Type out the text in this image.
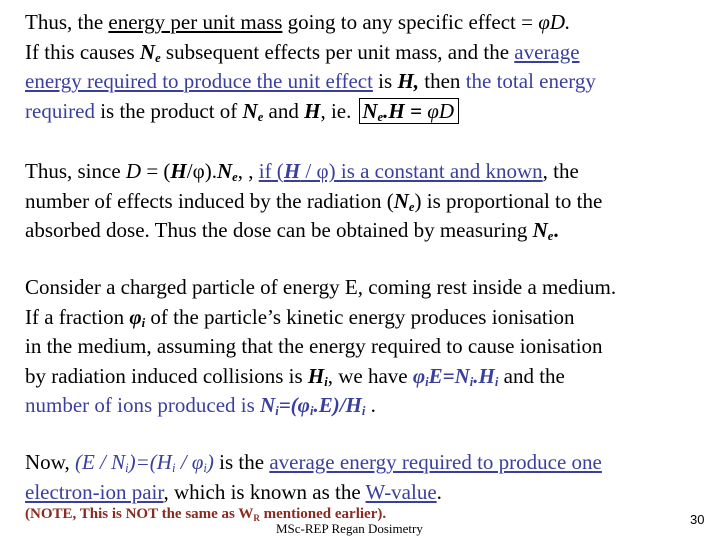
Thus, the energy per unit mass going to any specific effect = φD.
If this causes $N_e$ subsequent effects per unit mass, and the average
energy required to produce the unit effect is H, then the total energy
required is the product of $N_e$ and H, ie. $N_e.H = \varphi D$
Thus, since $D = (H/\varphi).N_e$, , if (H / φ) is a constant and known, the
number of effects induced by the radiation $(N_e)$ is proportional to the
absorbed dose. Thus the dose can be obtained by measuring $N_e$.
Consider a charged particle of energy E, coming rest inside a medium.
If a fraction $\varphi_i$ of the particle’s kinetic energy produces ionisation
in the medium, assuming that the energy required to cause ionisation
by radiation induced collisions is $H_i$, we have $\varphi_iE=N_i.H_i$ and the
number of ions produced is $N_i=(\varphi_i.E)/H_i$ .
Now, $(E / N_i)=(H_i / \varphi_i)$ is the average energy required to produce one
electron-ion pair, which is known as the W-value.
(NOTE, This is NOT the same as $W_R$ mentioned earlier).
MSc-REP Regan Dosimetry
30
